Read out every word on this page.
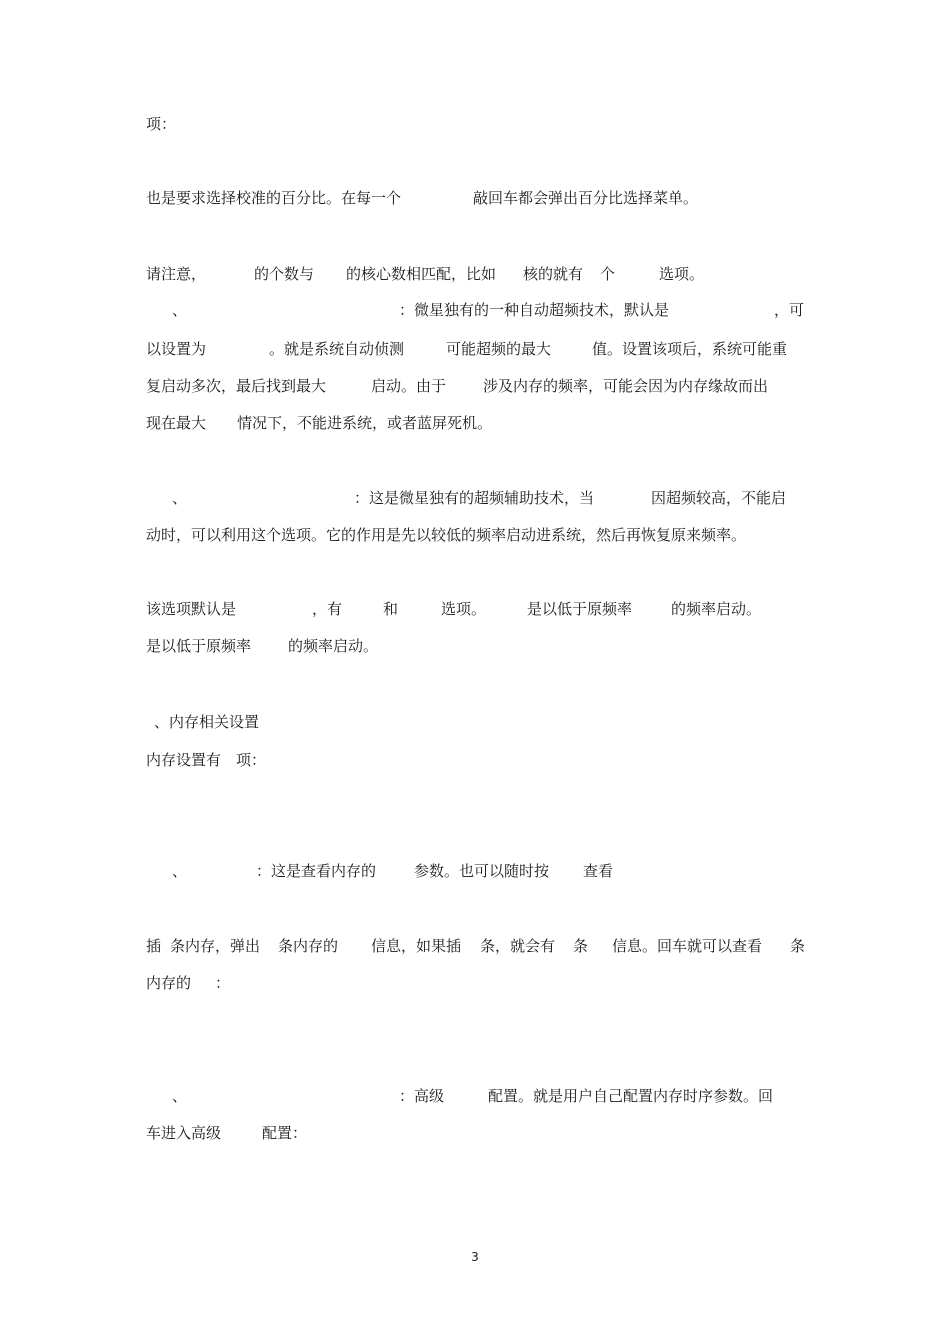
项：
也是要求选择校准的百分比。在每一个	敲回车都会弹出百分比选择菜单。
请注意，	的个数与 的核心数相匹配，比如 核的就有 个	选项。
、	：微星独有的一种自动超频技术，默认是	，可
以设置为	。就是系统自动侦测	可能超频的最大	值。设置该项后，系统可能重
复启动多次，最后找到最大	启动。由于 涉及内存的频率，可能会因为内存缘故而出
现在最大 情况下，不能进系统，或者蓝屏死机。
、	：这是微星独有的超频辅助技术，当	因超频较高，不能启
动时，可以利用这个选项。它的作用是先以较低的频率启动进系统，然后再恢复原来频率。
该选项默认是	，有	和	选项。	是以低于原频率	的频率启动。
是以低于原频率 的频率启动。
、内存相关设置
内存设置有 项：
、	：这是查看内存的	参数。也可以随时按 查看
插 条内存，弹出 条内存的 信息，如果插 条，就会有 条 信息。回车就可以查看 条
内存的 ：
、	：高级	配置。就是用户自己配置内存时序参数。回
车进入高级	配置：
3
